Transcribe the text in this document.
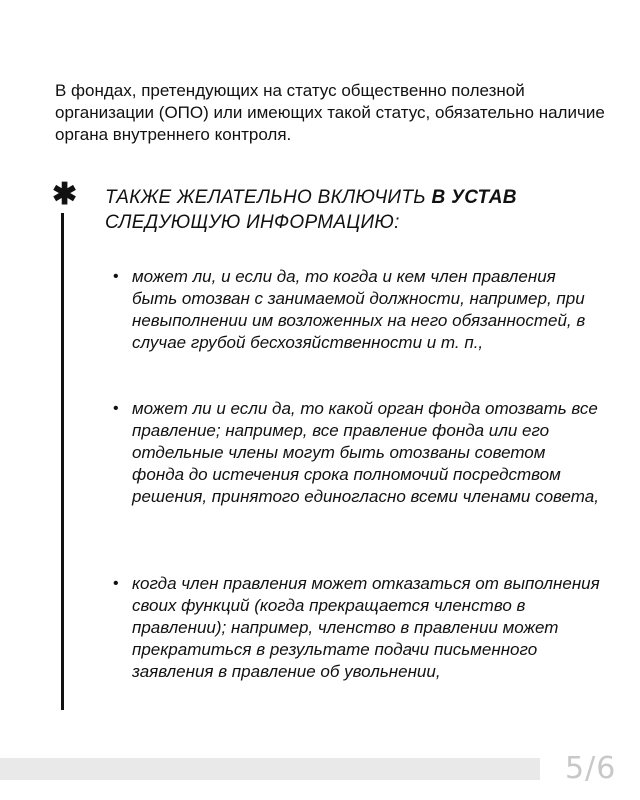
В фондах, претендующих на статус общественно полезной организации (ОПО) или имеющих такой статус, обязательно наличие органа внутреннего контроля.

✱ ТАКЖЕ ЖЕЛАТЕЛЬНО ВКЛЮЧИТЬ В УСТАВ
СЛЕДУЮЩУЮ ИНФОРМАЦИЮ:
• может ли, и если да, то когда и кем член правления быть отозван с занимаемой должности, например, при невыполнении им возложенных на него обязанностей, в случае грубой бесхозяйственности и т. п.,

• может ли и если да, то какой орган фонда отозвать все правление; например, все правление фонда или его отдельные члены могут быть отозваны советом фонда до истечения срока полномочий посредством решения, принятого единогласно всеми членами совета,

• когда член правления может отказаться от выполнения своих функций (когда прекращается членство в правлении); например, членство в правлении может прекратиться в результате подачи письменного заявления в правление об увольнении,

5/6
